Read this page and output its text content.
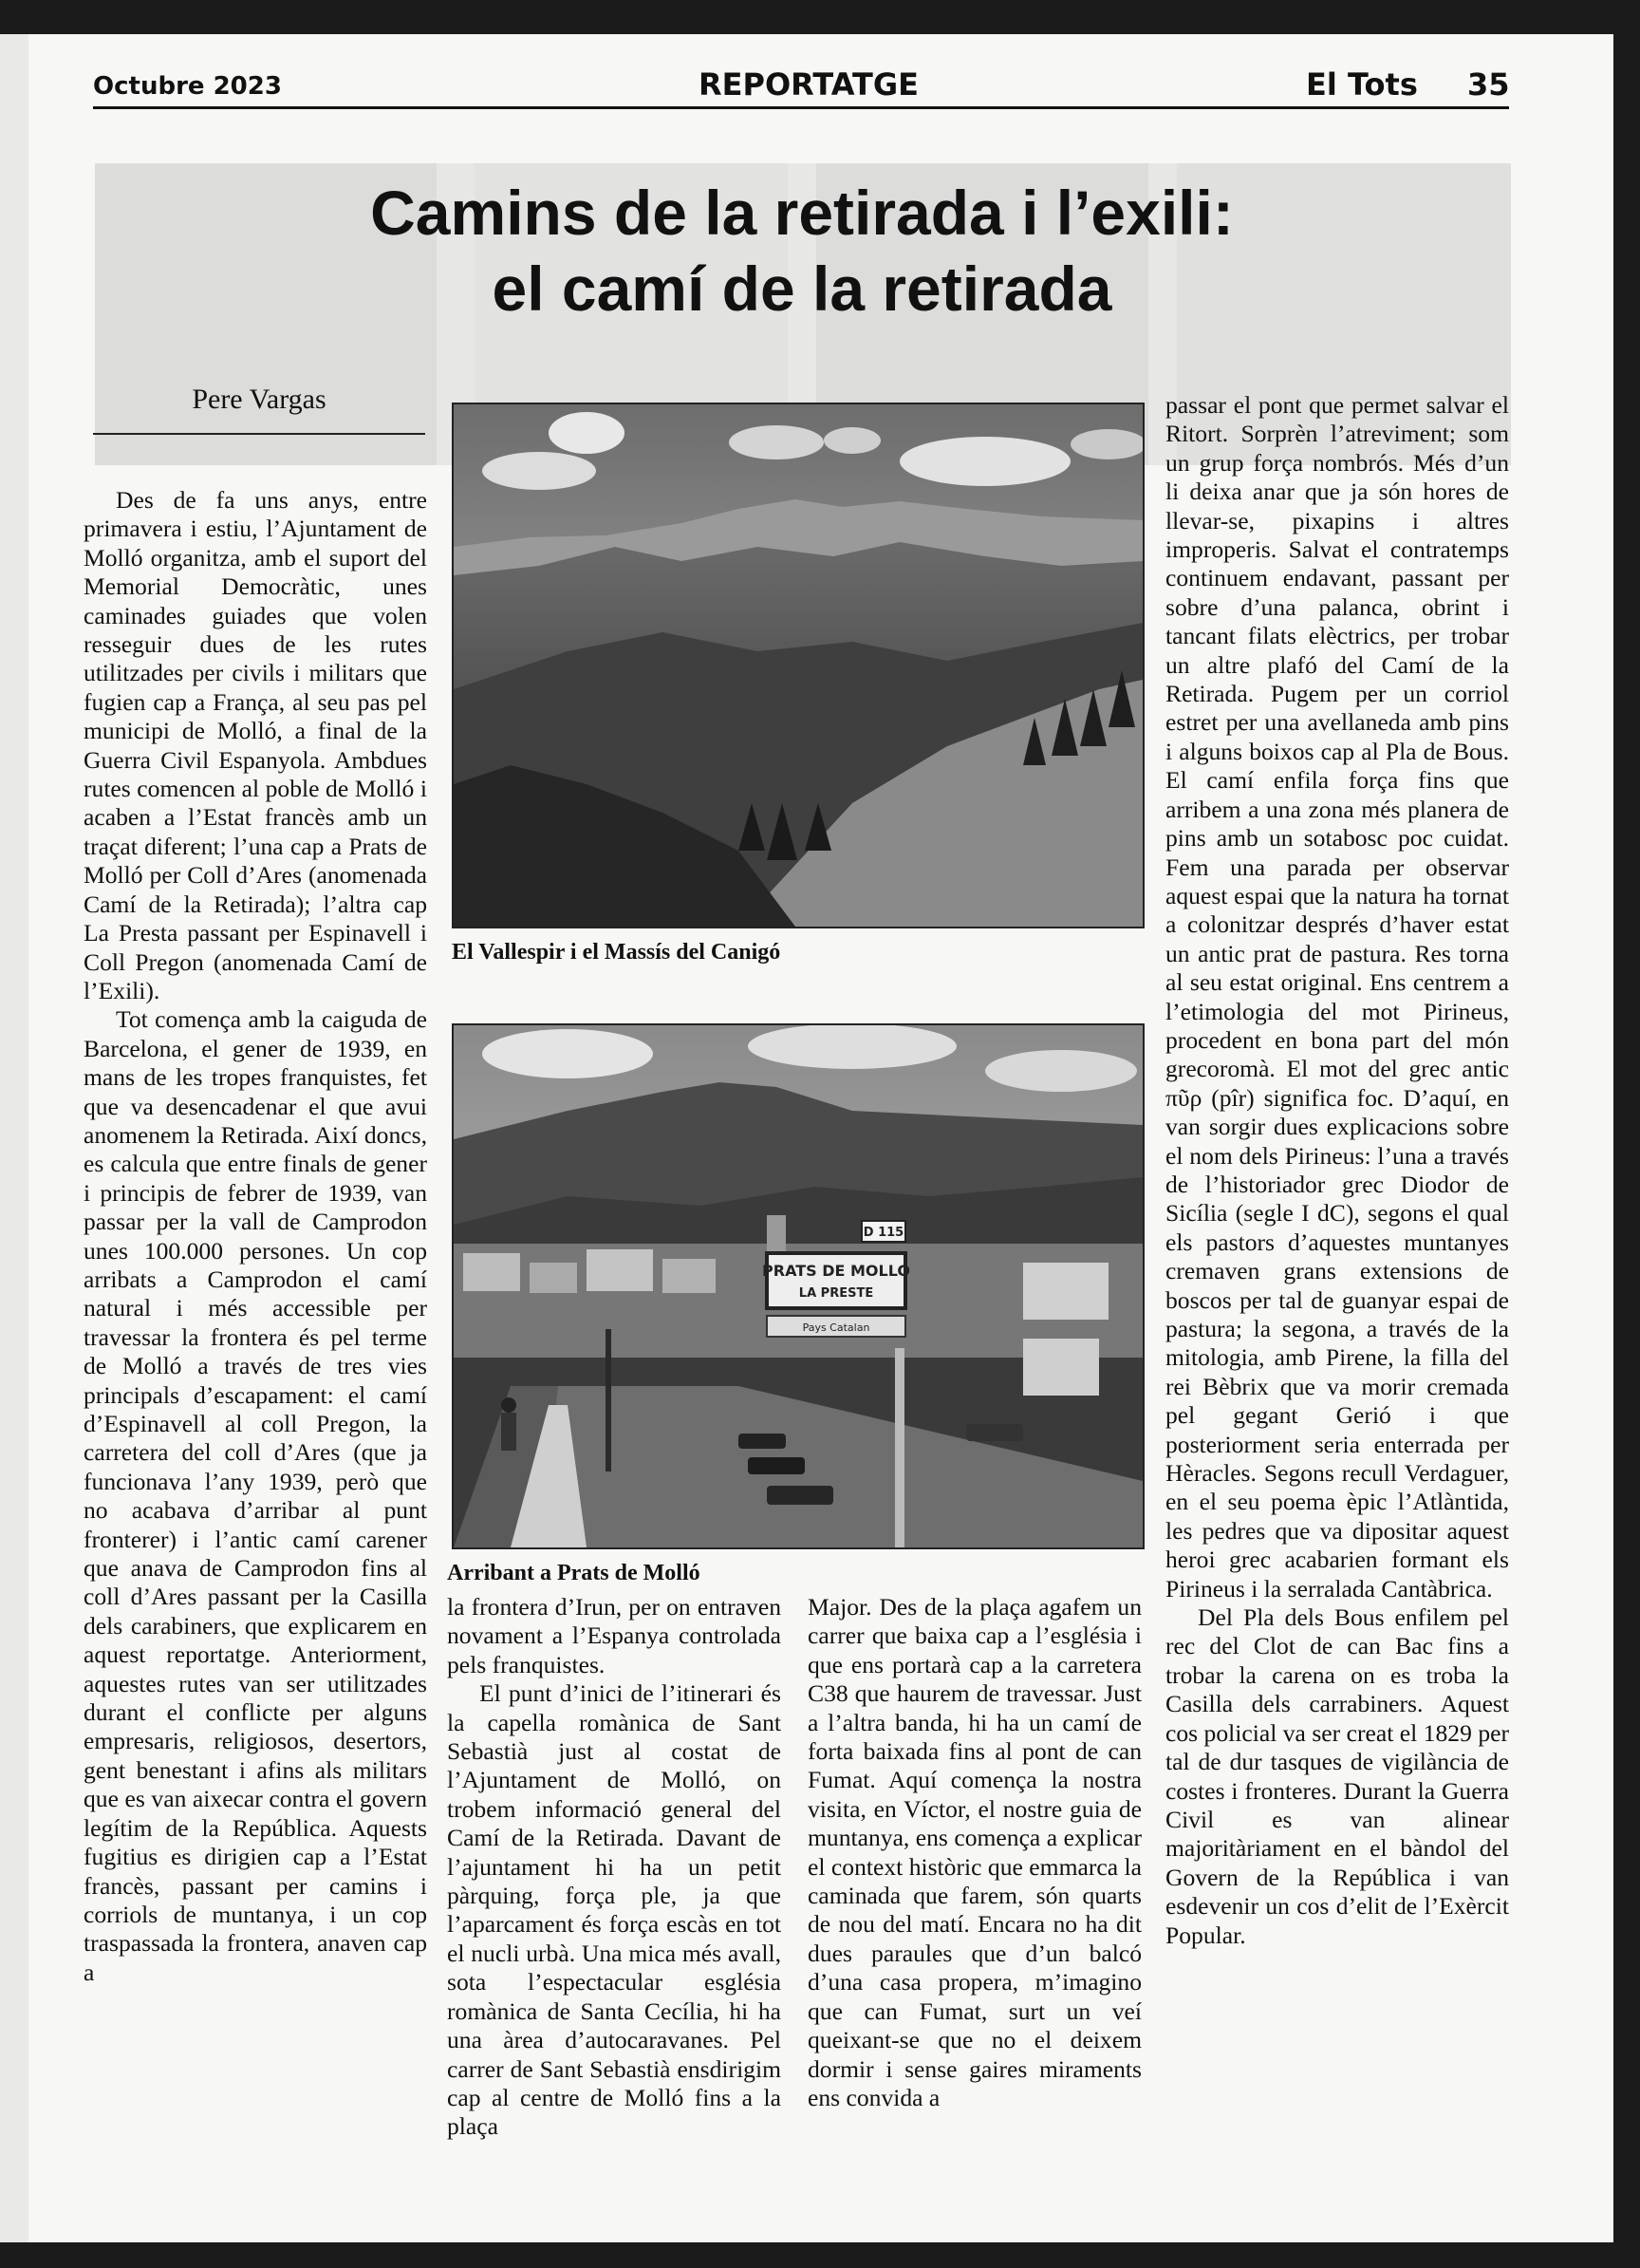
Octubre 2023	REPORTATGE	El Tots 35
Camins de la retirada i l’exili:
el camí de la retirada
Pere Vargas

Des de fa uns anys, entre primavera i estiu, l’Ajuntament de Molló organitza, amb el suport del Memorial Democràtic, unes caminades guiades que volen resseguir dues de les rutes utilitzades per civils i militars que fugien cap a França, al seu pas pel municipi de Molló, a final de la Guerra Civil Espanyola. Ambdues rutes comencen al poble de Molló i acaben a l’Estat francès amb un traçat diferent; l’una cap a Prats de Molló per Coll d’Ares (anomenada Camí de la Retirada); l’altra cap La Presta passant per Espinavell i Coll Pregon (anomenada Camí de l’Exili).

Tot comença amb la caiguda de Barcelona, el gener de 1939, en mans de les tropes franquistes, fet que va desencadenar el que avui anomenem la Retirada. Així doncs, es calcula que entre finals de gener i principis de febrer de 1939, van passar per la vall de Camprodon unes 100.000 persones. Un cop arribats a Camprodon el camí natural i més accessible per travessar la frontera és pel terme de Molló a través de tres vies principals d’escapament: el camí d’Espinavell al coll Pregon, la carretera del coll d’Ares (que ja funcionava l’any 1939, però que no acabava d’arribar al punt fronterer) i l’antic camí carener que anava de Camprodon fins al coll d’Ares passant per la Casilla dels carabiners, que explicarem en aquest reportatge. Anteriorment, aquestes rutes van ser utilitzades durant el conflicte per alguns empresaris, religiosos, desertors, gent benestant i afins als militars que es van aixecar contra el govern legítim de la República. Aquests fugitius es dirigien cap a l’Estat francès, passant per camins i corriols de muntanya, i un cop traspassada la frontera, anaven cap a

El Vallespir i el Massís del Canigó
PRATS DE MOLLO
LA PRESTE
Pays Catalan
D 115
Arribant a Prats de Molló

la frontera d’Irun, per on entraven novament a l’Espanya controlada pels franquistes.

El punt d’inici de l’itinerari és la capella romànica de Sant Sebastià just al costat de l’Ajuntament de Molló, on trobem informació general del Camí de la Retirada. Davant de l’ajuntament hi ha un petit pàrquing, força ple, ja que l’aparcament és força escàs en tot el nucli urbà. Una mica més avall, sota l’espectacular església romànica de Santa Cecília, hi ha una àrea d’autocaravanes. Pel carrer de Sant Sebastià ensdirigim cap al centre de Molló fins a la plaça

Major. Des de la plaça agafem un carrer que baixa cap a l’església i que ens portarà cap a la carretera C38 que haurem de travessar. Just a l’altra banda, hi ha un camí de forta baixada fins al pont de can Fumat. Aquí comença la nostra visita, en Víctor, el nostre guia de muntanya, ens comença a explicar el context històric que emmarca la caminada que farem, són quarts de nou del matí. Encara no ha dit dues paraules que d’un balcó d’una casa propera, m’imagino que can Fumat, surt un veí queixant-se que no el deixem dormir i sense gaires miraments ens convida a

passar el pont que permet salvar el Ritort. Sorprèn l’atreviment; som un grup força nombrós. Més d’un li deixa anar que ja són hores de llevar-se, pixapins i altres improperis. Salvat el contratemps continuem endavant, passant per sobre d’una palanca, obrint i tancant filats elèctrics, per trobar un altre plafó del Camí de la Retirada. Pugem per un corriol estret per una avellaneda amb pins i alguns boixos cap al Pla de Bous. El camí enfila força fins que arribem a una zona més planera de pins amb un sotabosc poc cuidat. Fem una parada per observar aquest espai que la natura ha tornat a colonitzar després d’haver estat un antic prat de pastura. Res torna al seu estat original. Ens centrem a l’etimologia del mot Pirineus, procedent en bona part del món grecoromà. El mot del grec antic πῦρ (pîr) significa foc. D’aquí, en van sorgir dues explicacions sobre el nom dels Pirineus: l’una a través de l’historiador grec Diodor de Sicília (segle I dC), segons el qual els pastors d’aquestes muntanyes cremaven grans extensions de boscos per tal de guanyar espai de pastura; la segona, a través de la mitologia, amb Pirene, la filla del rei Bèbrix que va morir cremada pel gegant Gerió i que posteriorment seria enterrada per Hèracles. Segons recull Verdaguer, en el seu poema èpic l’Atlàntida, les pedres que va dipositar aquest heroi grec acabarien formant els Pirineus i la serralada Cantàbrica.

Del Pla dels Bous enfilem pel rec del Clot de can Bac fins a trobar la carena on es troba la Casilla dels carrabiners. Aquest cos policial va ser creat el 1829 per tal de dur tasques de vigilància de costes i fronteres. Durant la Guerra Civil es van alinear majoritàriament en el bàndol del Govern de la República i van esdevenir un cos d’elit de l’Exèrcit Popular.
